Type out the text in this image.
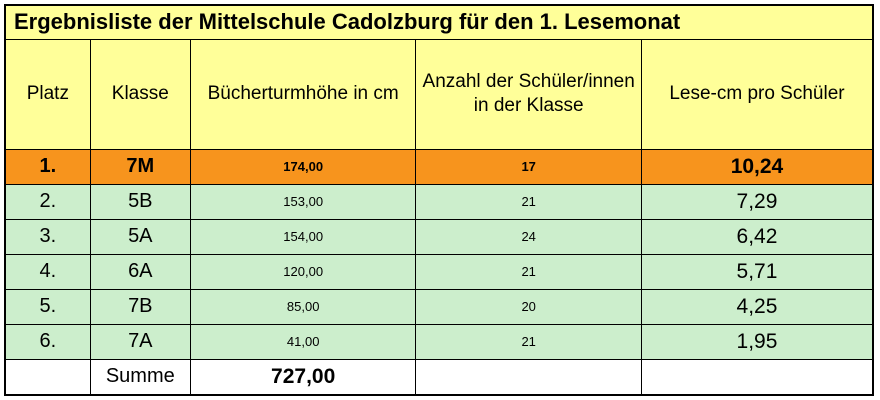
Ergebnisliste der Mittelschule Cadolzburg für den 1. Lesemonat				
Platz	Klasse	Bücherturmhöhe in cm	Anzahl der Schüler/innen in der Klasse	Lese-cm pro Schüler
1.	7M	174,00	17	10,24
2.	5B	153,00	21	7,29
3.	5A	154,00	24	6,42
4.	6A	120,00	21	5,71
5.	7B	85,00	20	4,25
6.	7A	41,00	21	1,95
	Summe	727,00		
